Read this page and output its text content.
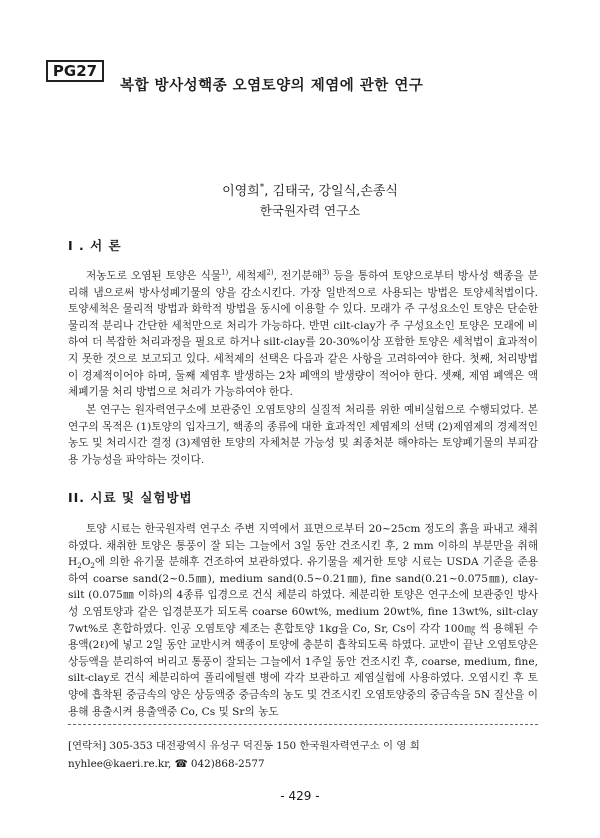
PG27
복합 방사성핵종 오염토양의 제염에 관한 연구
이영희*, 김태국, 강일식,손종식
한국원자력 연구소
I . 서 론

저농도로 오염된 토양은 식물$^{1)}$, 세척제$^{2)}$, 전기분해$^{3)}$ 등을 통하여 토양으로부터 방사성 핵종을 분리해 냄으로써 방사성폐기물의 양을 감소시킨다. 가장 일반적으로 사용되는 방법은 토양세척법이다. 토양세척은 물리적 방법과 화학적 방법을 동시에 이용할 수 있다. 모래가 주 구성요소인 토양은 단순한 물리적 분리나 간단한 세척만으로 처리가 가능하다. 반면 cilt-clay가 주 구성요소인 토양은 모래에 비하여 더 복잡한 처리과정을 필요로 하거나 silt-clay를 20-30%이상 포함한 토양은 세척법이 효과적이지 못한 것으로 보고되고 있다. 세척제의 선택은 다음과 같은 사항을 고려하여야 한다. 첫째, 처리방법이 경제적이어야 하며, 둘째 제염후 발생하는 2차 폐액의 발생량이 적어야 한다. 셋째, 제염 폐액은 액체폐기물 처리 방법으로 처리가 가능하여야 한다.

본 연구는 원자력연구소에 보관중인 오염토양의 실질적 처리를 위한 예비실험으로 수행되었다. 본 연구의 목적은 (1)토양의 입자크기, 핵종의 종류에 대한 효과적인 제염제의 선택 (2)제염제의 경제적인 농도 및 처리시간 결정 (3)제염한 토양의 자체처분 가능성 및 최종처분 해야하는 토양폐기물의 부피감용 가능성을 파악하는 것이다.

II. 시료 및 실험방법

토양 시료는 한국원자력 연구소 주변 지역에서 표면으로부터 20~25cm 정도의 흙을 파내고 채취하였다. 채취한 토양은 통풍이 잘 되는 그늘에서 3일 동안 건조시킨 후, 2 mm 이하의 부분만을 취해 $H_2O_2$에 의한 유기물 분해후 건조하여 보관하였다. 유기물을 제거한 토양 시료는 USDA 기준을 준용하여 coarse sand(2~0.5㎜), medium sand(0.5~0.21㎜), fine sand(0.21~0.075㎜), clay-silt (0.075㎜ 이하)의 4종류 입경으로 건식 체분리 하였다. 체분리한 토양은 연구소에 보관중인 방사성 오염토양과 같은 입경분포가 되도록 coarse 60wt%, medium 20wt%, fine 13wt%, silt-clay 7wt%로 혼합하였다. 인공 오염토양 제조는 혼합토양 1kg을 Co, Sr, Cs이 각각 100㎎ 씩 용해된 수용액(2ℓ)에 넣고 2일 동안 교반시켜 핵종이 토양에 충분히 흡착되도록 하였다. 교반이 끝난 오염토양은 상등액을 분리하여 버리고 통풍이 잘되는 그늘에서 1주일 동안 건조시킨 후, coarse, medium, fine, silt-clay로 건식 체분리하여 폴리에틸렌 병에 각각 보관하고 제염실험에 사용하였다. 오염시킨 후 토양에 흡착된 중금속의 양은 상등액중 중금속의 농도 및 건조시킨 오염토양중의 중금속을 5N 질산을 이용해 용출시켜 용출액중 Co, Cs 및 Sr의 농도

[연락처] 305-353 대전광역시 유성구 덕진동 150 한국원자력연구소 이 영 희
nyhlee@kaeri.re.kr, ☎ 042)868-2577
- 429 -
